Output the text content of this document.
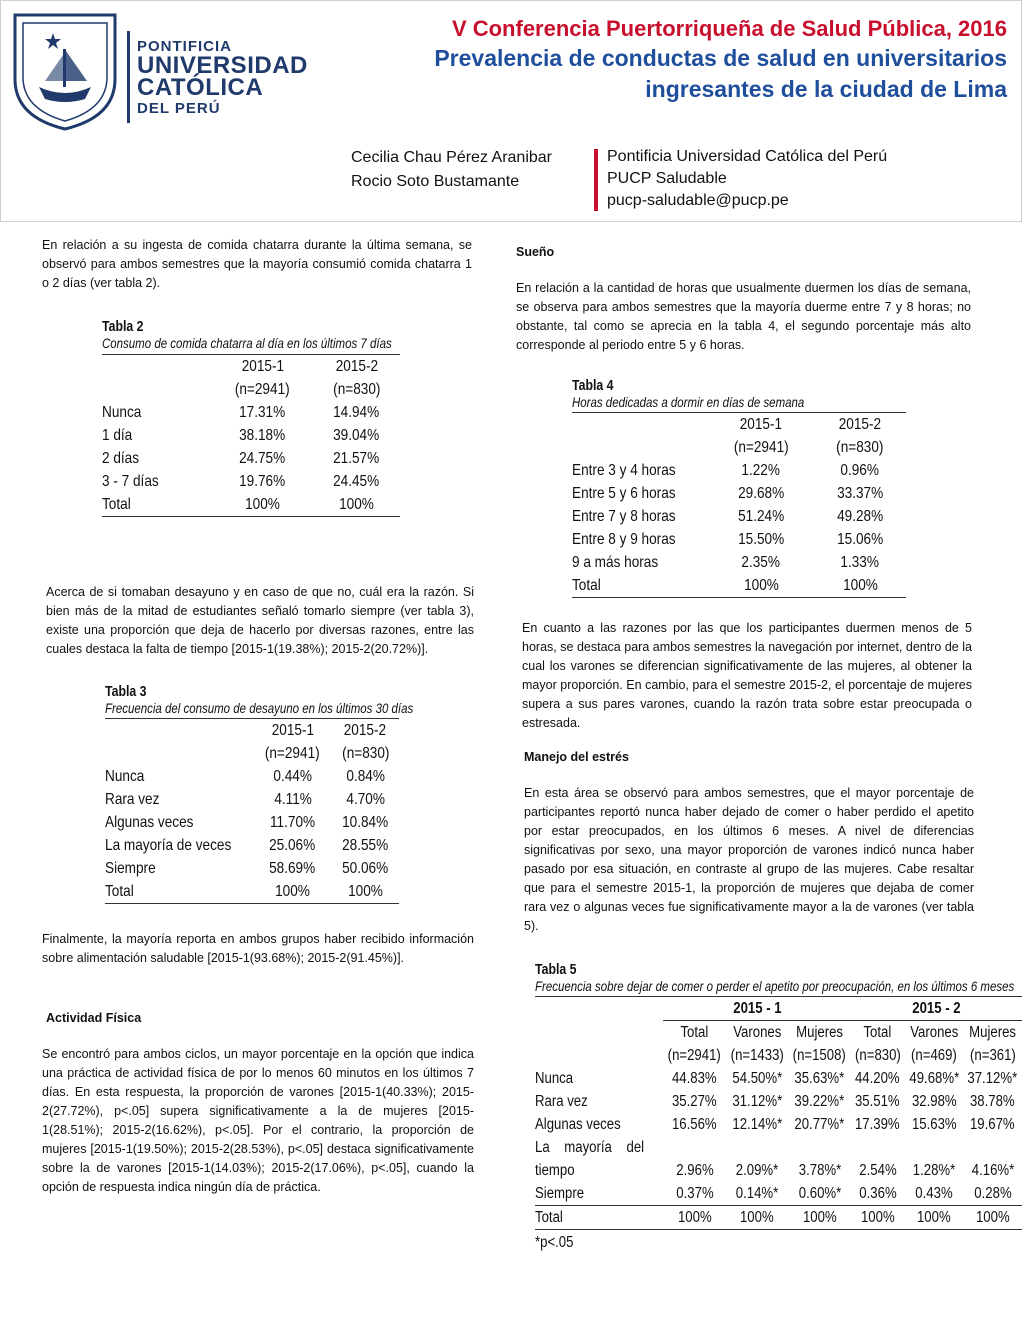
PONTIFICIA
UNIVERSIDAD
CATÓLICA
DEL PERÚ
V Conferencia Puertorriqueña de Salud Pública, 2016
Prevalencia de conductas de salud en universitarios
ingresantes de la ciudad de Lima
Cecilia Chau Pérez Aranibar
Rocio Soto Bustamante
Pontificia Universidad Católica del Perú
PUCP Saludable
pucp-saludable@pucp.pe
En relación a su ingesta de comida chatarra durante la última semana, se observó para ambos semestres que la mayoría consumió comida chatarra 1 o 2 días (ver tabla 2).
Tabla 2
Consumo de comida chatarra al día en los últimos 7 días
	2015-1	2015-2
	(n=2941)	(n=830)
Nunca	17.31%	14.94%
1 día	38.18%	39.04%
2 días	24.75%	21.57%
3 - 7 días	19.76%	24.45%
Total	100%	100%
Acerca de si tomaban desayuno y en caso de que no, cuál era la razón. Si bien más de la mitad de estudiantes señaló tomarlo siempre (ver tabla 3), existe una proporción que deja de hacerlo por diversas razones, entre las cuales destaca la falta de tiempo [2015-1(19.38%); 2015-2(20.72%)].
Tabla 3
Frecuencia del consumo de desayuno en los últimos 30 días
	2015-1	2015-2
	(n=2941)	(n=830)
Nunca	0.44%	0.84%
Rara vez	4.11%	4.70%
Algunas veces	11.70%	10.84%
La mayoría de veces	25.06%	28.55%
Siempre	58.69%	50.06%
Total	100%	100%
Finalmente, la mayoría reporta en ambos grupos haber recibido información sobre alimentación saludable [2015-1(93.68%); 2015-2(91.45%)].
Actividad Física
Se encontró para ambos ciclos, un mayor porcentaje en la opción que indica una práctica de actividad física de por lo menos 60 minutos en los últimos 7 días. En esta respuesta, la proporción de varones [2015-1(40.33%); 2015-2(27.72%), p<.05] supera significativamente a la de mujeres [2015-1(28.51%); 2015-2(16.62%), p<.05]. Por el contrario, la proporción de mujeres [2015-1(19.50%); 2015-2(28.53%), p<.05] destaca significativamente sobre la de varones [2015-1(14.03%); 2015-2(17.06%), p<.05], cuando la opción de respuesta indica ningún día de práctica.
Sueño
En relación a la cantidad de horas que usualmente duermen los días de semana, se observa para ambos semestres que la mayoría duerme entre 7 y 8 horas; no obstante, tal como se aprecia en la tabla 4, el segundo porcentaje más alto corresponde al periodo entre 5 y 6 horas.
Tabla 4
Horas dedicadas a dormir en días de semana
	2015-1	2015-2
	(n=2941)	(n=830)
Entre 3 y 4 horas	1.22%	0.96%
Entre 5 y 6 horas	29.68%	33.37%
Entre 7 y 8 horas	51.24%	49.28%
Entre 8 y 9 horas	15.50%	15.06%
9 a más horas	2.35%	1.33%
Total	100%	100%
En cuanto a las razones por las que los participantes duermen menos de 5 horas, se destaca para ambos semestres la navegación por internet, dentro de la cual los varones se diferencian significativamente de las mujeres, al obtener la mayor proporción. En cambio, para el semestre 2015-2, el porcentaje de mujeres supera a sus pares varones, cuando la razón trata sobre estar preocupada o estresada.
Manejo del estrés
En esta área se observó para ambos semestres, que el mayor porcentaje de participantes reportó nunca haber dejado de comer o haber perdido el apetito por estar preocupados, en los últimos 6 meses. A nivel de diferencias significativas por sexo, una mayor proporción de varones indicó nunca haber pasado por esa situación, en contraste al grupo de las mujeres. Cabe resaltar que para el semestre 2015-1, la proporción de mujeres que dejaba de comer rara vez o algunas veces fue significativamente mayor a la de varones (ver tabla 5).
Tabla 5
Frecuencia sobre dejar de comer o perder el apetito por preocupación, en los últimos 6 meses
	2015 - 1			2015 - 2		
	Total	Varones	Mujeres	Total	Varones	Mujeres
	(n=2941)	(n=1433)	(n=1508)	(n=830)	(n=469)	(n=361)
Nunca	44.83%	54.50%*	35.63%*	44.20%	49.68%*	37.12%*
Rara vez	35.27%	31.12%*	39.22%*	35.51%	32.98%	38.78%
Algunas veces	16.56%	12.14%*	20.77%*	17.39%	15.63%	19.67%
La    mayoría    del						
tiempo	2.96%	2.09%*	3.78%*	2.54%	1.28%*	4.16%*
Siempre	0.37%	0.14%*	0.60%*	0.36%	0.43%	0.28%
Total	100%	100%	100%	100%	100%	100%
*p<.05
